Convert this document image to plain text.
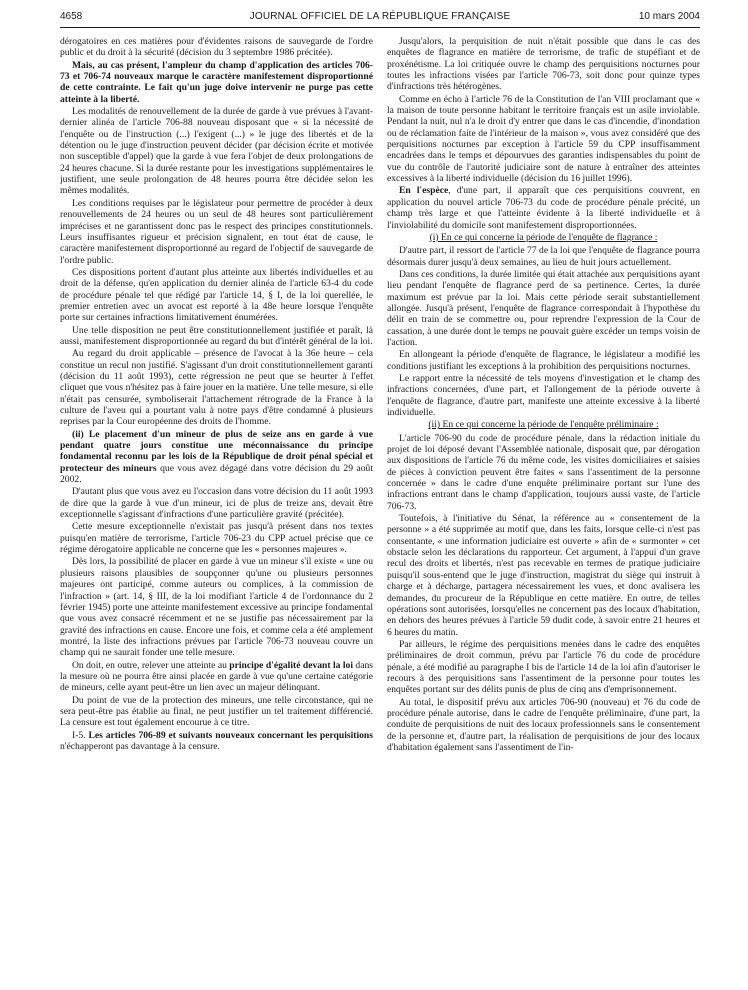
4658	JOURNAL OFFICIEL DE LA RÉPUBLIQUE FRANÇAISE	10 mars 2004

dérogatoires en ces matières pour d'évidentes raisons de sauvegarde de l'ordre public et du droit à la sécurité (décision du 3 septembre 1986 précitée).

Mais, au cas présent, l'ampleur du champ d'application des articles 706-73 et 706-74 nouveaux marque le caractère manifestement disproportionné de cette contrainte. Le fait qu'un juge doive intervenir ne purge pas cette atteinte à la liberté.

Les modalités de renouvellement de la durée de garde à vue prévues à l'avant-dernier alinéa de l'article 706-88 nouveau disposant que « si la nécessité de l'enquête ou de l'instruction (...) l'exigent (...) » le juge des libertés et de la détention ou le juge d'instruction peuvent décider (par décision écrite et motivée non susceptible d'appel) que la garde à vue fera l'objet de deux prolongations de 24 heures chacune. Si la durée restante pour les investigations supplémentaires le justifient, une seule prolongation de 48 heures pourra être décidée selon les mêmes modalités.

Les conditions requises par le législateur pour permettre de procéder à deux renouvellements de 24 heures ou un seul de 48 heures sont particulièrement imprécises et ne garantissent donc pas le respect des principes constitutionnels. Leurs insuffisantes rigueur et précision signalent, en tout état de cause, le caractère manifestement disproportionné au regard de l'objectif de sauvegarde de l'ordre public.

Ces dispositions portent d'autant plus atteinte aux libertés individuelles et au droit de la défense, qu'en application du dernier alinéa de l'article 63-4 du code de procédure pénale tel que rédigé par l'article 14, § I, de la loi querellée, le premier entretien avec un avocat est reporté à la 48e heure lorsque l'enquête porte sur certaines infractions limitativement énumérées.

Une telle disposition ne peut être constitutionnellement justifiée et paraît, là aussi, manifestement disproportionnée au regard du but d'intérêt général de la loi.

Au regard du droit applicable – présence de l'avocat à la 36e heure – cela constitue un recul non justifié. S'agissant d'un droit constitutionnellement garanti (décision du 11 août 1993), cette régression ne peut que se heurter à l'effet cliquet que vous n'hésitez pas à faire jouer en la matière. Une telle mesure, si elle n'était pas censurée, symboliserait l'attachement rétrograde de la France à la culture de l'aveu qui a pourtant valu à notre pays d'être condamné à plusieurs reprises par la Cour européenne des droits de l'homme.

(ii) Le placement d'un mineur de plus de seize ans en garde à vue pendant quatre jours constitue une méconnaissance du principe fondamental reconnu par les lois de la République de droit pénal spécial et protecteur des mineurs que vous avez dégagé dans votre décision du 29 août 2002.

D'autant plus que vous avez eu l'occasion dans votre décision du 11 août 1993 de dire que la garde à vue d'un mineur, ici de plus de treize ans, devait être exceptionnelle s'agissant d'infractions d'une particulière gravité (précitée).

Cette mesure exceptionnelle n'existait pas jusqu'à présent dans nos textes puisqu'en matière de terrorisme, l'article 706-23 du CPP actuel précise que ce régime dérogatoire applicable ne concerne que les « personnes majeures ».

Dès lors, la possibilité de placer en garde à vue un mineur s'il existe « une ou plusieurs raisons plausibles de soupçonner qu'une ou plusieurs personnes majeures ont participé, comme auteurs ou complices, à la commission de l'infraction » (art. 14, § III, de la loi modifiant l'article 4 de l'ordonnance du 2 février 1945) porte une atteinte manifestement excessive au principe fondamental que vous avez consacré récemment et ne se justifie pas nécessairement par la gravité des infractions en cause. Encore une fois, et comme cela a été amplement montré, la liste des infractions prévues par l'article 706-73 nouveau couvre un champ qui ne saurait fonder une telle mesure.

On doit, en outre, relever une atteinte au principe d'égalité devant la loi dans la mesure où ne pourra être ainsi placée en garde à vue qu'une certaine catégorie de mineurs, celle ayant peut-être un lien avec un majeur délinquant.

Du point de vue de la protection des mineurs, une telle circonstance, qui ne sera peut-être pas établie au final, ne peut justifier un tel traitement différencié. La censure est tout également encourue à ce titre.

I-5. Les articles 706-89 et suivants nouveaux concernant les perquisitions n'échapperont pas davantage à la censure.

Jusqu'alors, la perquisition de nuit n'était possible que dans le cas des enquêtes de flagrance en matière de terrorisme, de trafic de stupéfiant et de proxénétisme. La loi critiquée ouvre le champ des perquisitions nocturnes pour toutes les infractions visées par l'article 706-73, soit donc pour quinze types d'infractions très hétérogènes.

Comme en écho à l'article 76 de la Constitution de l'an VIII proclamant que « la maison de toute personne habitant le territoire français est un asile inviolable. Pendant la nuit, nul n'a le droit d'y entrer que dans le cas d'incendie, d'inondation ou de réclamation faite de l'intérieur de la maison », vous avez considéré que des perquisitions nocturnes par exception à l'article 59 du CPP insuffisamment encadrées dans le temps et dépourvues des garanties indispensables du point de vue du contrôle de l'autorité judiciaire sont de nature à entraîner des atteintes excessives à la liberté individuelle (décision du 16 juillet 1996).

En l'espèce, d'une part, il apparaît que ces perquisitions couvrent, en application du nouvel article 706-73 du code de procédure pénale précité, un champ très large et que l'atteinte évidente à la liberté individuelle et à l'inviolabilité du domicile sont manifestement disproportionnées.

(i) En ce qui concerne la période de l'enquête de flagrance :

D'autre part, il ressort de l'article 77 de la loi que l'enquête de flagrance pourra désormais durer jusqu'à deux semaines, au lieu de huit jours actuellement.

Dans ces conditions, la durée limitée qui était attachée aux perquisitions ayant lieu pendant l'enquête de flagrance perd de sa pertinence. Certes, la durée maximum est prévue par la loi. Mais cette période serait substantiellement allongée. Jusqu'à présent, l'enquête de flagrance correspondait à l'hypothèse du délit en train de se commettre ou, pour reprendre l'expression de la Cour de cassation, à une durée dont le temps ne pouvait guère excéder un temps voisin de l'action.

En allongeant la période d'enquête de flagrance, le législateur a modifié les conditions justifiant les exceptions à la prohibition des perquisitions nocturnes.

Le rapport entre la nécessité de tels moyens d'investigation et le champ des infractions concernées, d'une part, et l'allongement de la période ouverte à l'enquête de flagrance, d'autre part, manifeste une atteinte excessive à la liberté individuelle.

(ii) En ce qui concerne la période de l'enquête préliminaire :

L'article 706-90 du code de procédure pénale, dans la rédaction initiale du projet de loi déposé devant l'Assemblée nationale, disposait que, par dérogation aux dispositions de l'article 76 du même code, les visites domiciliaires et saisies de pièces à conviction peuvent être faites « sans l'assentiment de la personne concernée » dans le cadre d'une enquête préliminaire portant sur l'une des infractions entrant dans le champ d'application, toujours aussi vaste, de l'article 706-73.

Toutefois, à l'initiative du Sénat, la référence au « consentement de la personne » a été supprimée au motif que, dans les faits, lorsque celle-ci n'est pas consentante, « une information judiciaire est ouverte » afin de « surmonter » cet obstacle selon les déclarations du rapporteur. Cet argument, à l'appui d'un grave recul des droits et libertés, n'est pas recevable en termes de pratique judiciaire puisqu'il sous-entend que le juge d'instruction, magistrat du siège qui instruit à charge et à décharge, partagera nécessairement les vues, et donc avalisera les demandes, du procureur de la République en cette matière. En outre, de telles opérations sont autorisées, lorsqu'elles ne concernent pas des locaux d'habitation, en dehors des heures prévues à l'article 59 dudit code, à savoir entre 21 heures et 6 heures du matin.

Par ailleurs, le régime des perquisitions menées dans le cadre des enquêtes préliminaires de droit commun, prévu par l'article 76 du code de procédure pénale, a été modifié au paragraphe I bis de l'article 14 de la loi afin d'autoriser le recours à des perquisitions sans l'assentiment de la personne pour toutes les enquêtes portant sur des délits punis de plus de cinq ans d'emprisonnement.

Au total, le dispositif prévu aux articles 706-90 (nouveau) et 76 du code de procédure pénale autorise, dans le cadre de l'enquête préliminaire, d'une part, la conduite de perquisitions de nuit des locaux professionnels sans le consentement de la personne et, d'autre part, la réalisation de perquisitions de jour des locaux d'habitation également sans l'assentiment de l'in-
